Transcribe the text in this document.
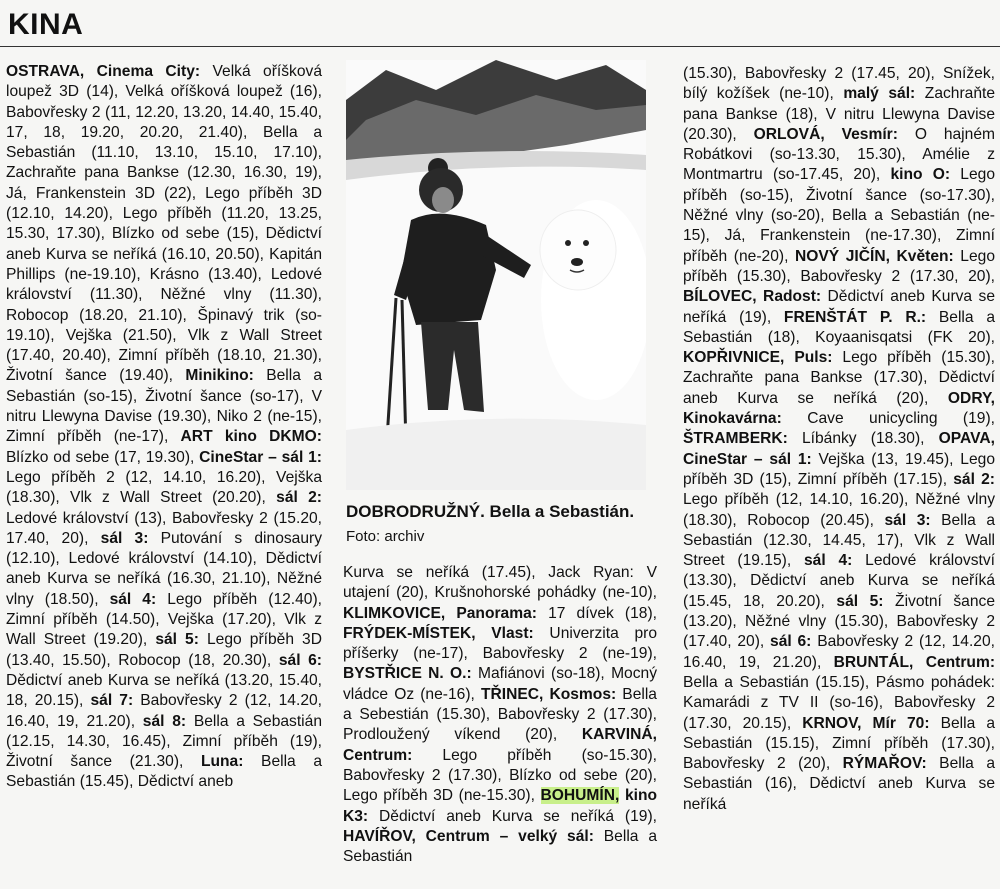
KINA
OSTRAVA, Cinema City: Velká oříšková loupež 3D (14), Velká oříšková loupež (16), Babovřesky 2 (11, 12.20, 13.20, 14.40, 15.40, 17, 18, 19.20, 20.20, 21.40), Bella a Sebastián (11.10, 13.10, 15.10, 17.10), Zachraňte pana Bankse (12.30, 16.30, 19), Já, Frankenstein 3D (22), Lego příběh 3D (12.10, 14.20), Lego příběh (11.20, 13.25, 15.30, 17.30), Blízko od sebe (15), Dědictví aneb Kurva se neříká (16.10, 20.50), Kapitán Phillips (ne-19.10), Krásno (13.40), Ledové království (11.30), Něžné vlny (11.30), Robocop (18.20, 21.10), Špinavý trik (so-19.10), Vejška (21.50), Vlk z Wall Street (17.40, 20.40), Zimní příběh (18.10, 21.30), Životní šance (19.40), Minikino: Bella a Sebastián (so-15), Životní šance (so-17), V nitru Llewyna Davise (19.30), Niko 2 (ne-15), Zimní příběh (ne-17), ART kino DKMO: Blízko od sebe (17, 19.30), CineStar – sál 1: Lego příběh 2 (12, 14.10, 16.20), Vejška (18.30), Vlk z Wall Street (20.20), sál 2: Ledové království (13), Babovřesky 2 (15.20, 17.40, 20), sál 3: Putování s dinosaury (12.10), Ledové království (14.10), Dědictví aneb Kurva se neříká (16.30, 21.10), Něžné vlny (18.50), sál 4: Lego příběh (12.40), Zimní příběh (14.50), Vejška (17.20), Vlk z Wall Street (19.20), sál 5: Lego příběh 3D (13.40, 15.50), Robocop (18, 20.30), sál 6: Dědictví aneb Kurva se neříká (13.20, 15.40, 18, 20.15), sál 7: Babovřesky 2 (12, 14.20, 16.40, 19, 21.20), sál 8: Bella a Sebastián (12.15, 14.30, 16.45), Zimní příběh (19), Životní šance (21.30), Luna: Bella a Sebastián (15.45), Dědictví aneb
DOBRODRUŽNÝ. Bella a Sebastián. Foto: archiv
Kurva se neříká (17.45), Jack Ryan: V utajení (20), Krušnohorské pohádky (ne-10), KLIMKOVICE, Panorama: 17 dívek (18), FRÝDEK-MÍSTEK, Vlast: Univerzita pro příšerky (ne-17), Babovřesky 2 (ne-19), BYSTŘICE N. O.: Mafiánovi (so-18), Mocný vládce Oz (ne-16), TŘINEC, Kosmos: Bella a Sebestián (15.30), Babovřesky 2 (17.30), Prodloužený víkend (20), KARVINÁ, Centrum: Lego příběh (so-15.30), Babovřesky 2 (17.30), Blízko od sebe (20), Lego příběh 3D (ne-15.30), BOHUMÍN, kino K3: Dědictví aneb Kurva se neříká (19), HAVÍŘOV, Centrum – velký sál: Bella a Sebastián
(15.30), Babovřesky 2 (17.45, 20), Snížek, bílý kožíšek (ne-10), malý sál: Zachraňte pana Bankse (18), V nitru Llewyna Davise (20.30), ORLOVÁ, Vesmír: O hajném Robátkovi (so-13.30, 15.30), Amélie z Montmartru (so-17.45, 20), kino O: Lego příběh (so-15), Životní šance (so-17.30), Něžné vlny (so-20), Bella a Sebastián (ne-15), Já, Frankenstein (ne-17.30), Zimní příběh (ne-20), NOVÝ JIČÍN, Květen: Lego příběh (15.30), Babovřesky 2 (17.30, 20), BÍLOVEC, Radost: Dědictví aneb Kurva se neříká (19), FRENŠTÁT P. R.: Bella a Sebastián (18), Koyaanisqatsi (FK 20), KOPŘIVNICE, Puls: Lego příběh (15.30), Zachraňte pana Bankse (17.30), Dědictví aneb Kurva se neříká (20), ODRY, Kinokavárna: Cave unicycling (19), ŠTRAMBERK: Líbánky (18.30), OPAVA, CineStar – sál 1: Vejška (13, 19.45), Lego příběh 3D (15), Zimní příběh (17.15), sál 2: Lego příběh (12, 14.10, 16.20), Něžné vlny (18.30), Robocop (20.45), sál 3: Bella a Sebastián (12.30, 14.45, 17), Vlk z Wall Street (19.15), sál 4: Ledové království (13.30), Dědictví aneb Kurva se neříká (15.45, 18, 20.20), sál 5: Životní šance (13.20), Něžné vlny (15.30), Babovřesky 2 (17.40, 20), sál 6: Babovřesky 2 (12, 14.20, 16.40, 19, 21.20), BRUNTÁL, Centrum: Bella a Sebastián (15.15), Pásmo pohádek: Kamarádi z TV II (so-16), Babovřesky 2 (17.30, 20.15), KRNOV, Mír 70: Bella a Sebastián (15.15), Zimní příběh (17.30), Babovřesky 2 (20), RÝMAŘOV: Bella a Sebastián (16), Dědictví aneb Kurva se neříká
